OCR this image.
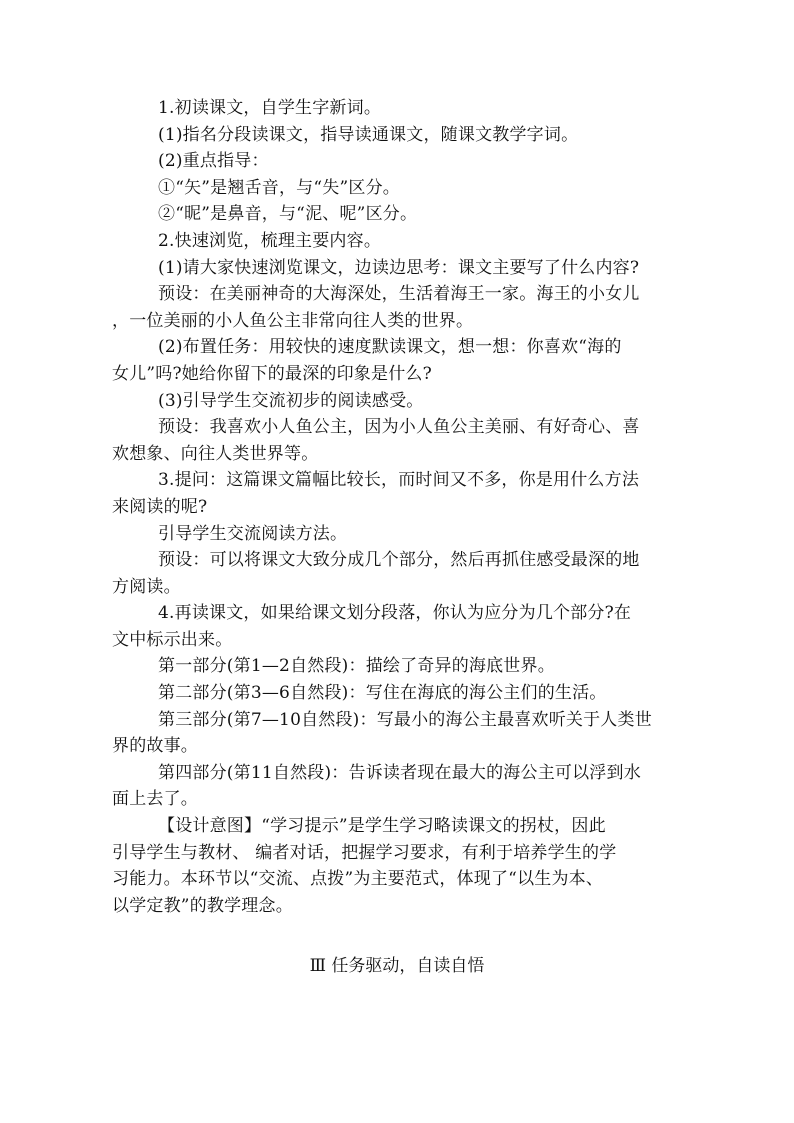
1.初读课文，自学生字新词。
(1)指名分段读课文，指导读通课文，随课文教学字词。
(2)重点指导：
①“矢”是翘舌音，与“失”区分。
②“昵”是鼻音，与“泥、呢”区分。
2.快速浏览，梳理主要内容。
(1)请大家快速浏览课文，边读边思考：课文主要写了什么内容?
预设：在美丽神奇的大海深处，生活着海王一家。海王的小女儿
，一位美丽的小人鱼公主非常向往人类的世界。
(2)布置任务：用较快的速度默读课文，想一想：你喜欢“海的
女儿”吗?她给你留下的最深的印象是什么?
(3)引导学生交流初步的阅读感受。
预设：我喜欢小人鱼公主，因为小人鱼公主美丽、有好奇心、喜
欢想象、向往人类世界等。
3.提问：这篇课文篇幅比较长，而时间又不多，你是用什么方法
来阅读的呢?
引导学生交流阅读方法。
预设：可以将课文大致分成几个部分，然后再抓住感受最深的地
方阅读。
4.再读课文，如果给课文划分段落，你认为应分为几个部分?在
文中标示出来。
第一部分(第1—2自然段)：描绘了奇异的海底世界。
第二部分(第3—6自然段)：写住在海底的海公主们的生活。
第三部分(第7—10自然段)：写最小的海公主最喜欢听关于人类世
界的故事。
第四部分(第11自然段)：告诉读者现在最大的海公主可以浮到水
面上去了。
【设计意图】“学习提示”是学生学习略读课文的拐杖，因此
引导学生与教材、 编者对话，把握学习要求，有利于培养学生的学
习能力。本环节以“交流、点拨”为主要范式，体现了“以生为本、
以学定教”的教学理念。
Ⅲ 任务驱动，自读自悟
